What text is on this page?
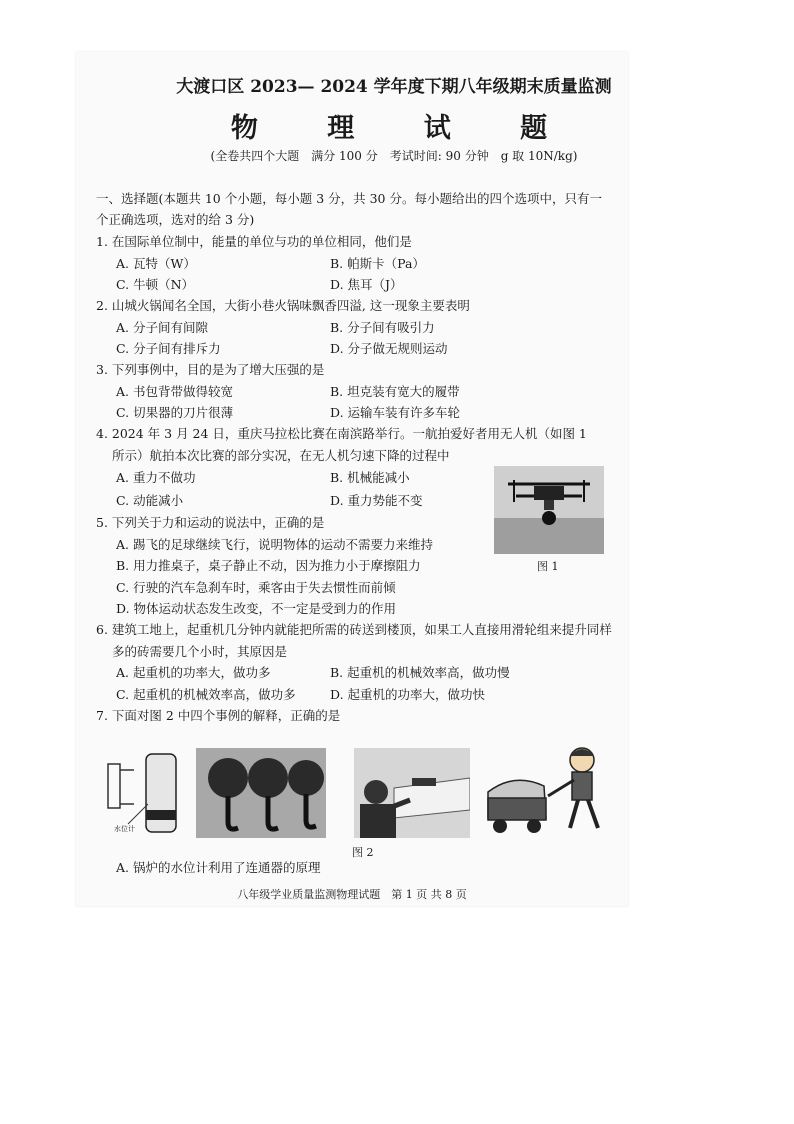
大渡口区 2023— 2024 学年度下期八年级期末质量监测
物 理 试 题
(全卷共四个大题　满分 100 分　考试时间: 90 分钟　g 取 10N/kg)
一、选择题(本题共 10 个小题，每小题 3 分，共 30 分。每小题给出的四个选项中，只有一
个正确选项，选对的给 3 分)
1. 在国际单位制中，能量的单位与功的单位相同，他们是
A. 瓦特（W）	B. 帕斯卡（Pa）
C. 牛顿（N）	D. 焦耳（J）
2. 山城火锅闻名全国，大街小巷火锅味飘香四溢, 这一现象主要表明
A. 分子间有间隙	B. 分子间有吸引力
C. 分子间有排斥力	D. 分子做无规则运动
3. 下列事例中，目的是为了增大压强的是
A. 书包背带做得较宽	B. 坦克装有宽大的履带
C. 切果器的刀片很薄	D. 运输车装有许多车轮
4. 2024 年 3 月 24 日，重庆马拉松比赛在南滨路举行。一航拍爱好者用无人机（如图 1
所示）航拍本次比赛的部分实况，在无人机匀速下降的过程中
A. 重力不做功	B. 机械能减小
C. 动能减小	D. 重力势能不变
图 1
5. 下列关于力和运动的说法中，正确的是
A. 踢飞的足球继续飞行，说明物体的运动不需要力来维持
B. 用力推桌子，桌子静止不动，因为推力小于摩擦阻力
C. 行驶的汽车急刹车时，乘客由于失去惯性而前倾
D. 物体运动状态发生改变，不一定是受到力的作用
6. 建筑工地上，起重机几分钟内就能把所需的砖送到楼顶，如果工人直接用滑轮组来提升同样
多的砖需要几个小时，其原因是
A. 起重机的功率大，做功多	B. 起重机的机械效率高，做功慢
C. 起重机的机械效率高，做功多	D. 起重机的功率大，做功快
7. 下面对图 2 中四个事例的解释，正确的是
水位计
图 2
A. 锅炉的水位计利用了连通器的原理
八年级学业质量监测物理试题　第 1 页 共 8 页
